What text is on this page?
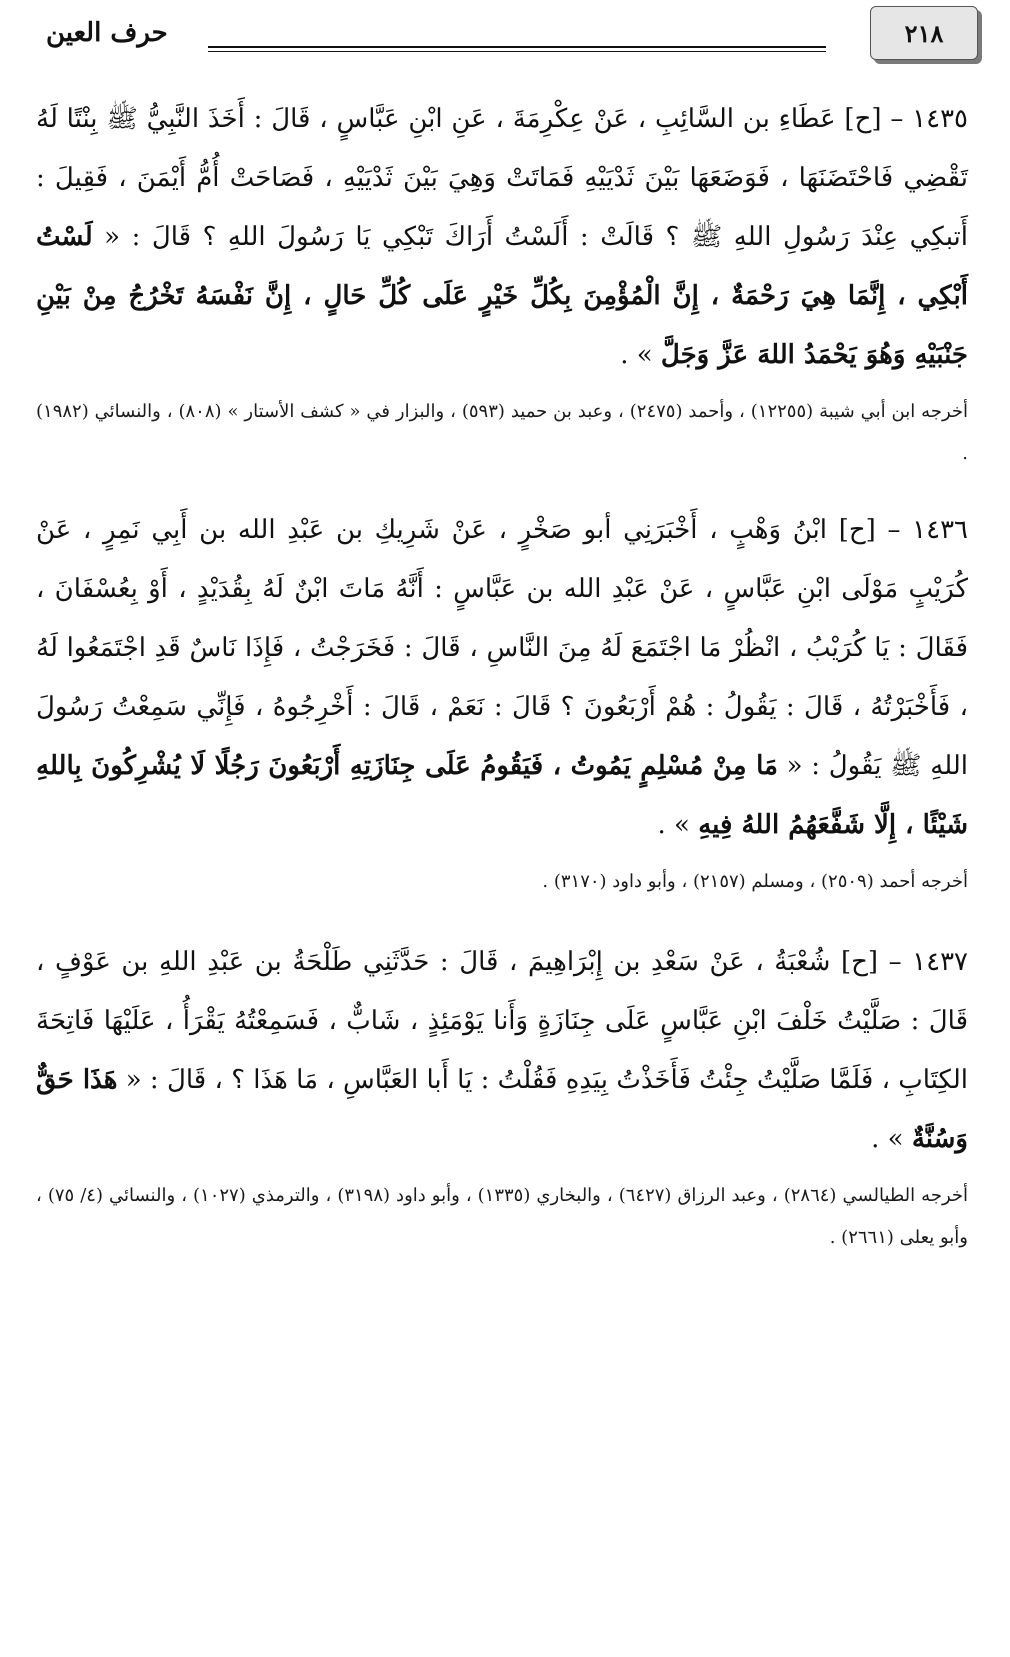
٢١٨
حرف العين

١٤٣٥ – [ح] عَطَاءِ بن السَّائِبِ ، عَنْ عِكْرِمَةَ ، عَنِ ابْنِ عَبَّاسٍ ، قَالَ : أَخَذَ النَّبِيُّ ﷺ بِنْتًا لَهُ تَقْضِي فَاحْتَضَنَهَا ، فَوَضَعَهَا بَيْنَ ثَدْيَيْهِ فَمَاتَتْ وَهِيَ بَيْنَ ثَدْيَيْهِ ، فَصَاحَتْ أُمُّ أَيْمَنَ ، فَقِيلَ : أَتبكِي عِنْدَ رَسُولِ اللهِ ﷺ ؟ قَالَتْ : أَلَسْتُ أَرَاكَ تَبْكِي يَا رَسُولَ اللهِ ؟ قَالَ : « لَسْتُ أَبْكِي ، إِنَّمَا هِيَ رَحْمَةٌ ، إِنَّ الْمُؤْمِنَ بِكُلِّ خَيْرٍ عَلَى كُلِّ حَالٍ ، إِنَّ نَفْسَهُ تَخْرُجُ مِنْ بَيْنِ جَنْبَيْهِ وَهُوَ يَحْمَدُ اللهَ عَزَّ وَجَلَّ » .

أخرجه ابن أبي شيبة (١٢٢٥٥) ، وأحمد (٢٤٧٥) ، وعبد بن حميد (٥٩٣) ، والبزار في « كشف الأستار » (٨٠٨) ، والنسائي (١٩٨٢) .

١٤٣٦ – [ح] ابْنُ وَهْبٍ ، أَخْبَرَنِي أبو صَخْرٍ ، عَنْ شَرِيكِ بن عَبْدِ الله بن أَبِي نَمِرٍ ، عَنْ كُرَيْبٍ مَوْلَى ابْنِ عَبَّاسٍ ، عَنْ عَبْدِ الله بن عَبَّاسٍ : أَنَّهُ مَاتَ ابْنٌ لَهُ بِقُدَيْدٍ ، أَوْ بِعُسْفَانَ ، فَقَالَ : يَا كُرَيْبُ ، انْظُرْ مَا اجْتَمَعَ لَهُ مِنَ النَّاسِ ، قَالَ : فَخَرَجْتُ ، فَإِذَا نَاسٌ قَدِ اجْتَمَعُوا لَهُ ، فَأَخْبَرْتُهُ ، قَالَ : يَقُولُ : هُمْ أَرْبَعُونَ ؟ قَالَ : نَعَمْ ، قَالَ : أَخْرِجُوهُ ، فَإِنِّي سَمِعْتُ رَسُولَ اللهِ ﷺ يَقُولُ : « مَا مِنْ مُسْلِمٍ يَمُوتُ ، فَيَقُومُ عَلَى جِنَازَتِهِ أَرْبَعُونَ رَجُلًا لَا يُشْرِكُونَ بِاللهِ شَيْئًا ، إِلَّا شَفَّعَهُمُ اللهُ فِيهِ » .

أخرجه أحمد (٢٥٠٩) ، ومسلم (٢١٥٧) ، وأبو داود (٣١٧٠) .

١٤٣٧ – [ح] شُعْبَةُ ، عَنْ سَعْدِ بن إِبْرَاهِيمَ ، قَالَ : حَدَّثَنِي طَلْحَةُ بن عَبْدِ اللهِ بن عَوْفٍ ، قَالَ : صَلَّيْتُ خَلْفَ ابْنِ عَبَّاسٍ عَلَى جِنَازَةٍ وَأَنا يَوْمَئِذٍ ، شَابٌّ ، فَسَمِعْتُهُ يَقْرَأُ ، عَلَيْهَا فَاتِحَةَ الكِتَابِ ، فَلَمَّا صَلَّيْتُ جِئْتُ فَأَخَذْتُ بِيَدِهِ فَقُلْتُ : يَا أَبا العَبَّاسِ ، مَا هَذَا ؟ ، قَالَ : « هَذَا حَقٌّ وَسُنَّةٌ » .

أخرجه الطيالسي (٢٨٦٤) ، وعبد الرزاق (٦٤٢٧) ، والبخاري (١٣٣٥) ، وأبو داود (٣١٩٨) ، والترمذي (١٠٢٧) ، والنسائي (٤/ ٧٥) ، وأبو يعلى (٢٦٦١) .
